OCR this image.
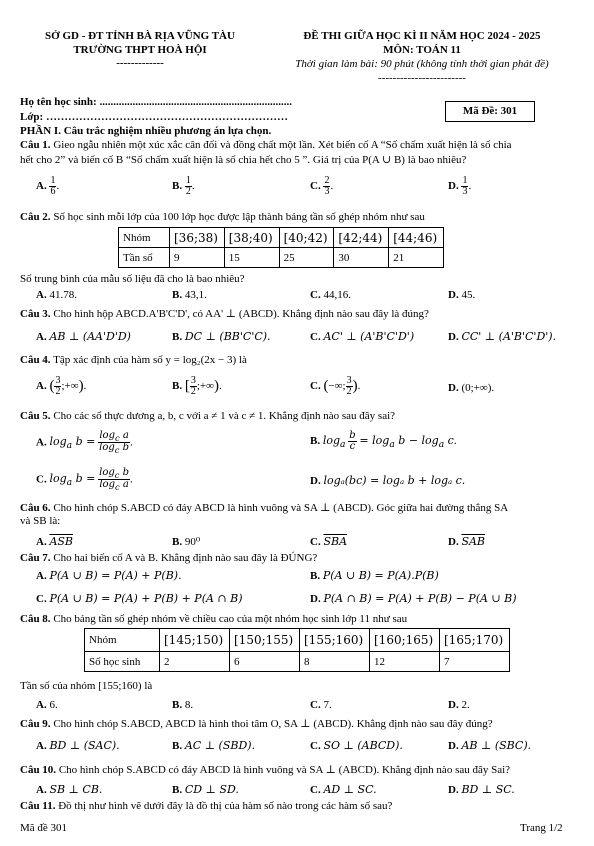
SỞ GD - ĐT TỈNH BÀ RỊA VŨNG TÀU
TRƯỜNG THPT HOÀ HỘI
-------------
ĐỀ THI GIỮA HỌC KÌ II NĂM HỌC 2024 - 2025
MÔN: TOÁN 11
Thời gian làm bài: 90 phút (không tính thời gian phát đề)
------------------------
Họ tên học sinh: ......................................................................
Lớp: …………………………………………………………	Mã Đề: 301
PHẦN I. Câu trắc nghiệm nhiều phương án lựa chọn.
Câu 1. Gieo ngẫu nhiên một xúc xắc cân đối và đồng chất một lần. Xét biến cố A “Số chấm xuất hiện là số chia
hết cho 2” và biến cố B “Số chấm xuất hiện là số chia hết cho 5 ”. Giá trị của P(A ∪ B) là bao nhiêu?
A. $\frac{1}{6}$ .	B. $\frac{1}{2}$ .	C. $\frac{2}{3}$ .	D. $\frac{1}{3}$ .
Câu 2. Số học sinh mỗi lớp của 100 lớp học được lập thành bảng tần số ghép nhóm như sau
Nhóm	[36;38)	[38;40)	[40;42)	[42;44)	[44;46)
Tần số	9	15	25	30	21
Số trung bình của mẫu số liệu đã cho là bao nhiêu?
A. 41.78.	B. 43,1.	C. 44,16.	D. 45.
Câu 3. Cho hình hộp ABCD.A'B'C'D', có AA' ⊥ (ABCD). Khẳng định nào sau đây là đúng?
A. AB ⊥ (AA'D'D)	B. DC ⊥ (BB'C'C).	C. AC' ⊥ (A'B'C'D')	D. CC' ⊥ (A'B'C'D').
Câu 4. Tập xác định của hàm số y = log₂(2x − 3) là
A. ( $\frac{3}{2}$ ;+∞).	B. [ $\frac{3}{2}$ ;+∞).	C. (−∞; $\frac{3}{2}$ ).	D. (0;+∞).
Câu 5. Cho các số thực dương a, b, c với a ≠ 1 và c ≠ 1. Khẳng định nào sau đây sai?
A. $\log_a b = \frac{\log_c a}{\log_c b}$ .	B. $\log_a \frac{b}{c} = \log_a b - \log_a c$.
C. $\log_a b = \frac{\log_c b}{\log_c a}$ .	D. logₐ(bc) = logₐ b + logₐ c.
Câu 6. Cho hình chóp S.ABCD có đáy ABCD là hình vuông và SA ⊥ (ABCD). Góc giữa hai đường thẳng SA
và SB là:
A. $\overline{ASB}$	B. 90⁰	C. $\overline{SBA}$	D. $\overline{SAB}$
Câu 7. Cho hai biến cố A và B. Khẳng định nào sau đây là ĐÚNG?
A. P(A ∪ B) = P(A) + P(B).	B. P(A ∪ B) = P(A).P(B)
C. P(A ∪ B) = P(A) + P(B) + P(A ∩ B)	D. P(A ∩ B) = P(A) + P(B) − P(A ∪ B)
Câu 8. Cho bảng tần số ghép nhóm về chiều cao của một nhóm học sinh lớp 11 như sau
Nhóm	[145;150)	[150;155)	[155;160)	[160;165)	[165;170)
Số học sinh	2	6	8	12	7
Tần số của nhóm [155;160) là
A. 6.	B. 8.	C. 7.	D. 2.
Câu 9. Cho hình chóp S.ABCD, ABCD là hình thoi tâm O, SA ⊥ (ABCD). Khẳng định nào sau đây đúng?
A. BD ⊥ (SAC).	B. AC ⊥ (SBD).	C. SO ⊥ (ABCD).	D. AB ⊥ (SBC).
Câu 10. Cho hình chóp S.ABCD có đáy ABCD là hình vuông và SA ⊥ (ABCD). Khẳng định nào sau đây Sai?
A. SB ⊥ CB.	B. CD ⊥ SD.	C. AD ⊥ SC.	D. BD ⊥ SC.
Câu 11. Đồ thị như hình vẽ dưới đây là đồ thị của hàm số nào trong các hàm số sau?
Mã đề 301	Trang 1/2
